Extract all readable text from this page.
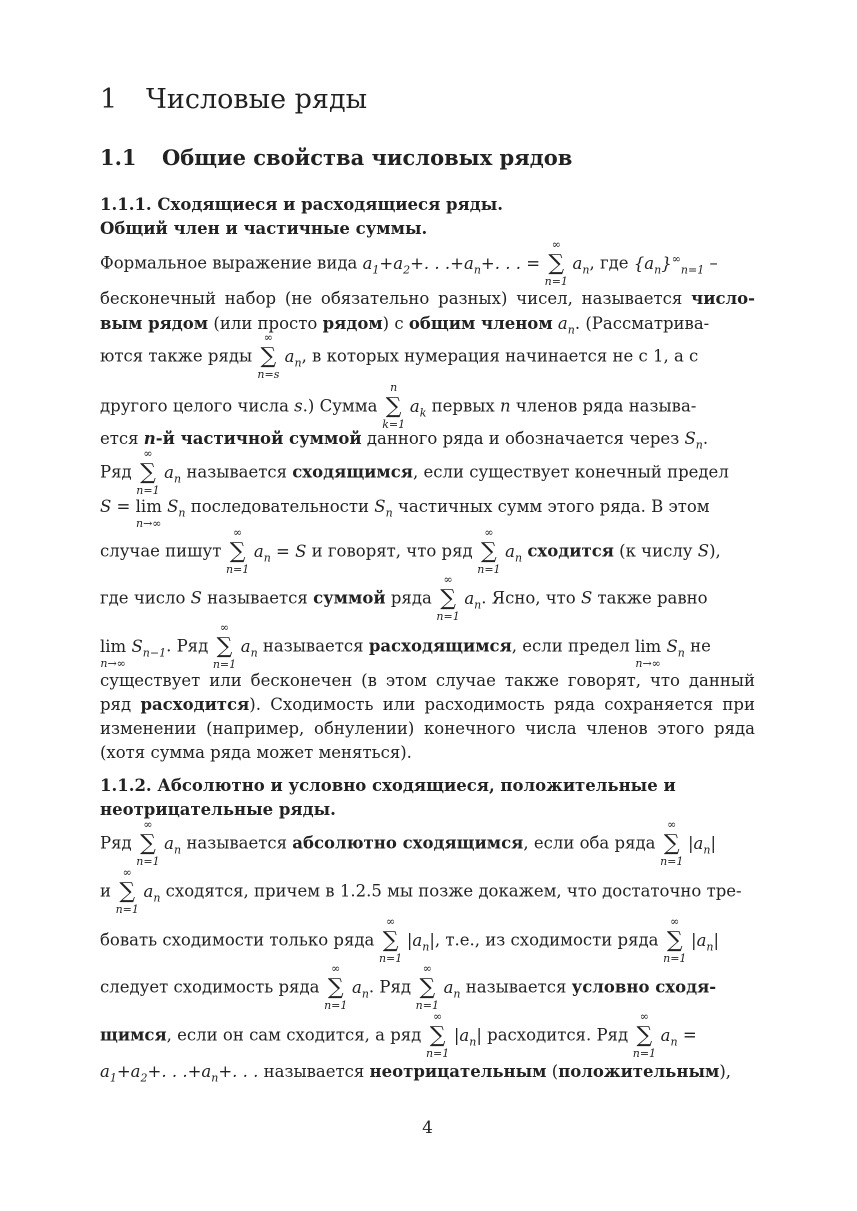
1 Числовые ряды
1.1 Общие свойства числовых рядов
1.1.1. Сходящиеся и расходящиеся ряды.
Общий член и частичные суммы.
Формальное выражение вида $a_1+a_2+$. . $.+a_n+$. . . =
∞
∑
n=1
$a_n$, где $\{a_n\}^\infty_{n=1}$ –
бесконечный набор (не обязательно разных) чисел, называется число-
вым рядом (или просто рядом) с общим членом $a_n$. (Рассматрива-
ются также ряды
∞
∑
n=s
$a_n$, в которых нумерация начинается не с 1, а с
другого целого числа s.) Сумма
n
∑
k=1
$a_k$ первых n членов ряда называ-
ется n-й частичной суммой данного ряда и обозначается через $S_n$.
Ряд
∞
∑
n=1
$a_n$ называется сходящимся, если существует конечный предел
S = lim
n→∞
$S_n$ последовательности $S_n$ частичных сумм этого ряда. В этом
случае пишут
∞
∑
n=1
$a_n = S$ и говорят, что ряд
∞
∑
n=1
$a_n$ сходится (к числу S),
где число S называется суммой ряда
∞
∑
n=1
$a_n$. Ясно, что S также равно
lim
n→∞
$S_{n-1}$. Ряд
∞
∑
n=1
$a_n$ называется расходящимся, если предел lim
n→∞
$S_n$ не
существует или бесконечен (в этом случае также говорят, что данный
ряд расходится). Сходимость или расходимость ряда сохраняется при
изменении (например, обнулении) конечного числа членов этого ряда
(хотя сумма ряда может меняться).
1.1.2. Абсолютно и условно сходящиеся, положительные и
неотрицательные ряды.
Ряд
∞
∑
n=1
$a_n$ называется абсолютно сходящимся, если оба ряда
∞
∑
n=1
$|a_n|$
и
∞
∑
n=1
$a_n$ сходятся, причем в 1.2.5 мы позже докажем, что достаточно тре-
бовать сходимости только ряда
∞
∑
n=1
$|a_n|$, т.е., из сходимости ряда
∞
∑
n=1
$|a_n|$
следует сходимость ряда
∞
∑
n=1
$a_n$. Ряд
∞
∑
n=1
$a_n$ называется условно сходя-
щимся, если он сам сходится, а ряд
∞
∑
n=1
$|a_n|$ расходится. Ряд
∞
∑
n=1
$a_n$ =
$a_1+a_2+$. . $.+a_n+$. . . называется неотрицательным (положительным),
4
